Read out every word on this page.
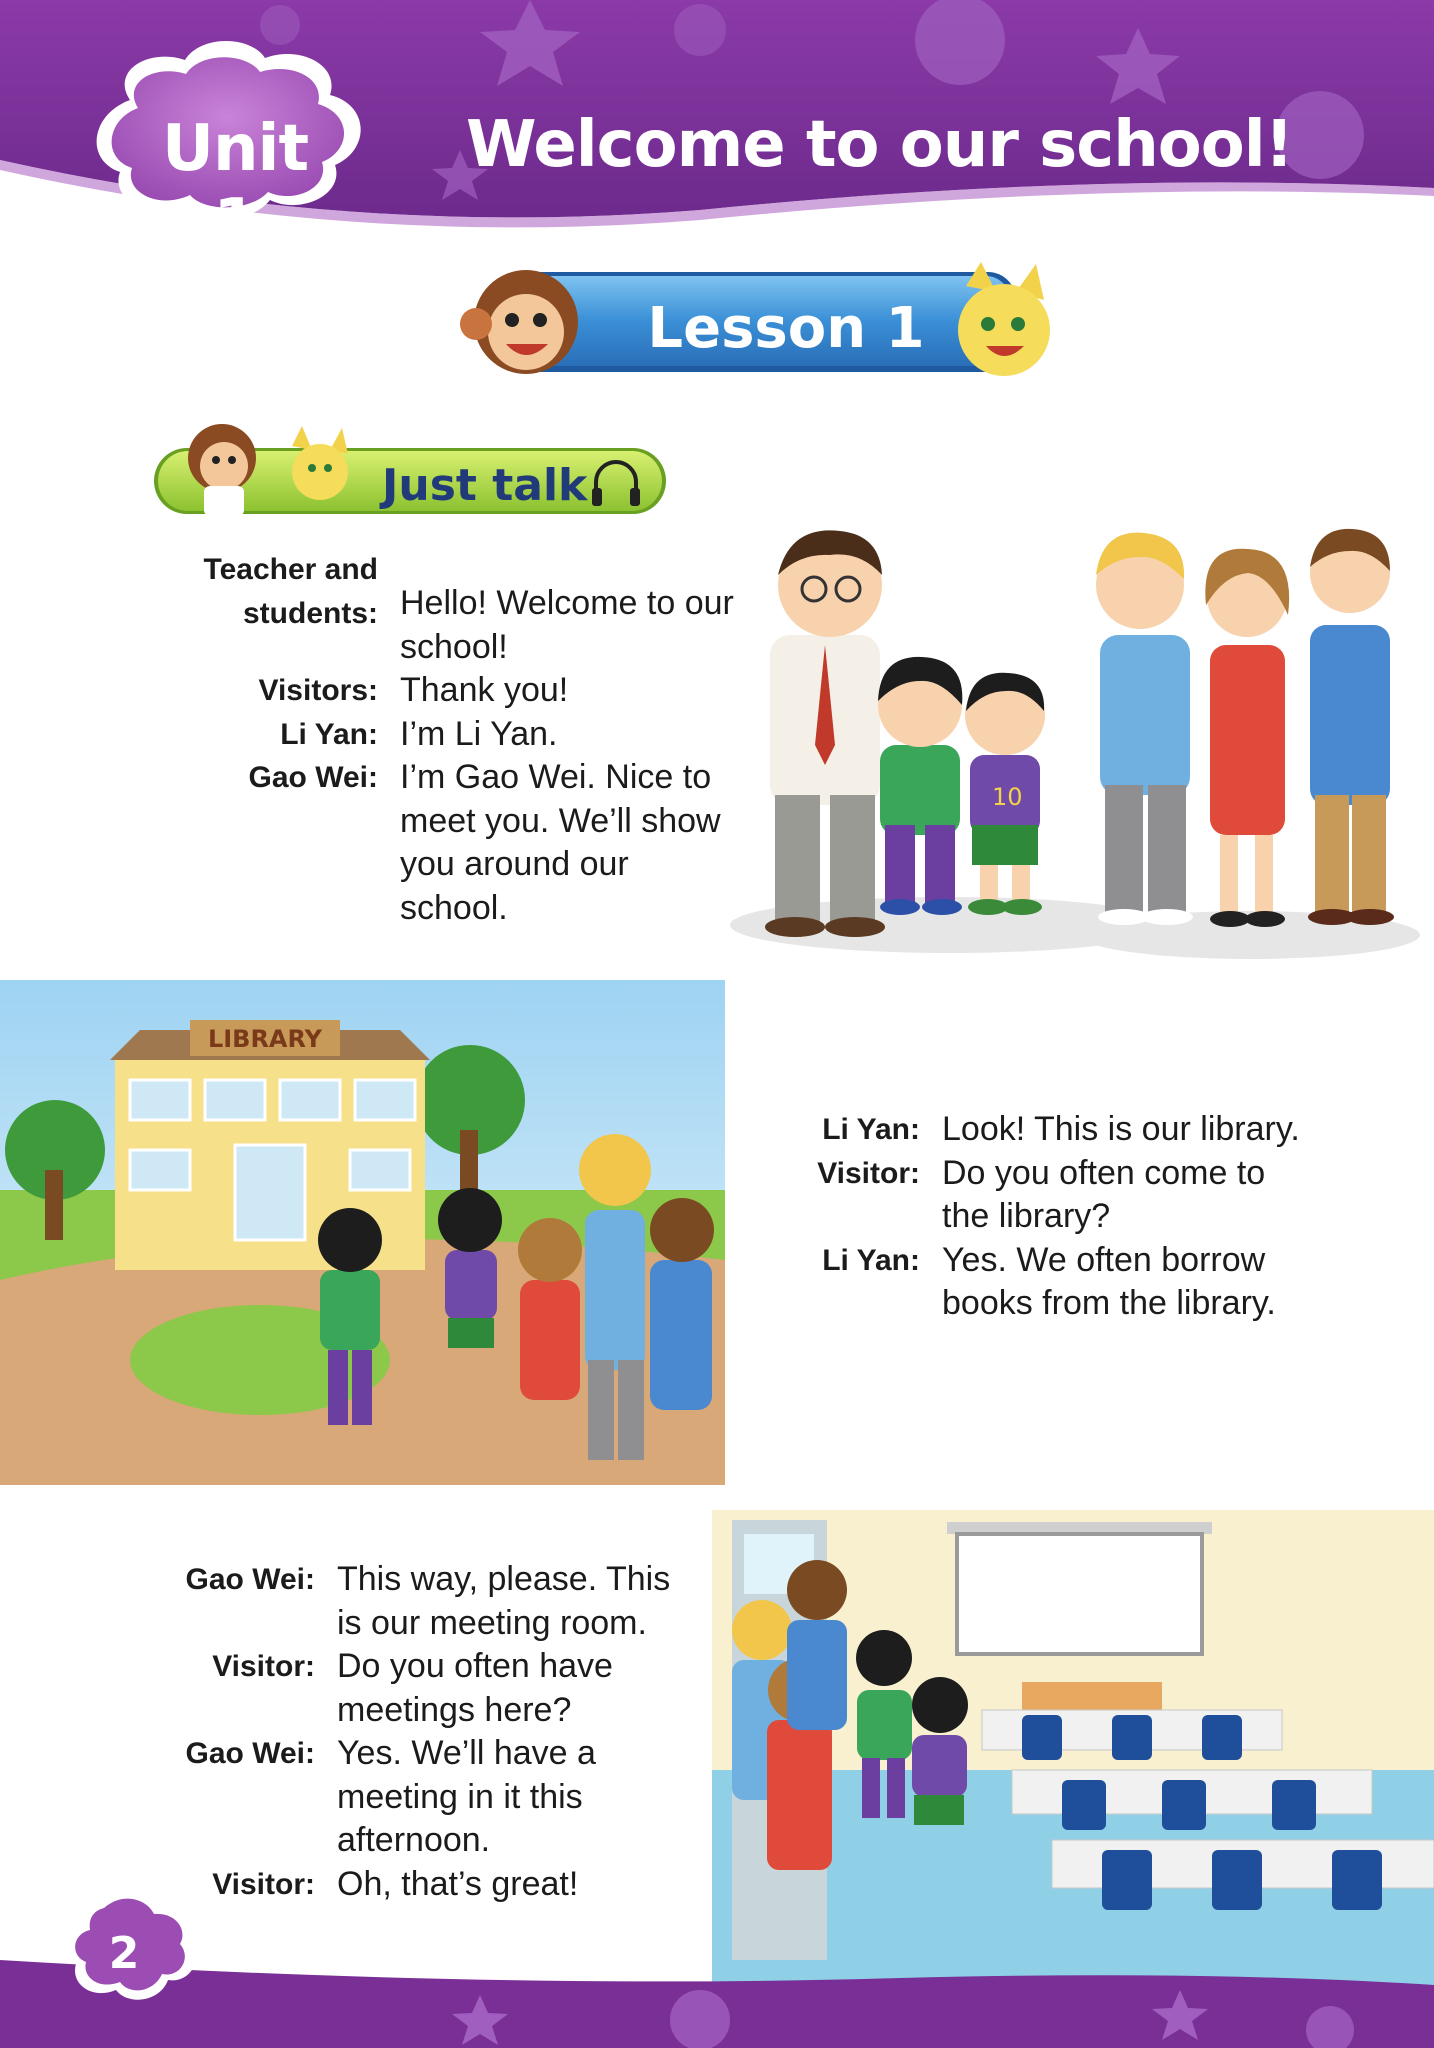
Unit 1
Welcome to our school!
Lesson 1
Just talk
Teacher and
students: Hello! Welcome to our school!
Visitors: Thank you!
Li Yan: I’m Li Yan.
Gao Wei: I’m Gao Wei. Nice to meet you. We’ll show you around our school.
10
LIBRARY
Li Yan: Look! This is our library.
Visitor: Do you often come to the library?
Li Yan: Yes. We often borrow books from the library.
Gao Wei: This way, please. This is our meeting room.
Visitor: Do you often have meetings here?
Gao Wei: Yes. We’ll have a meeting in it this afternoon.
Visitor: Oh, that’s great!
2
